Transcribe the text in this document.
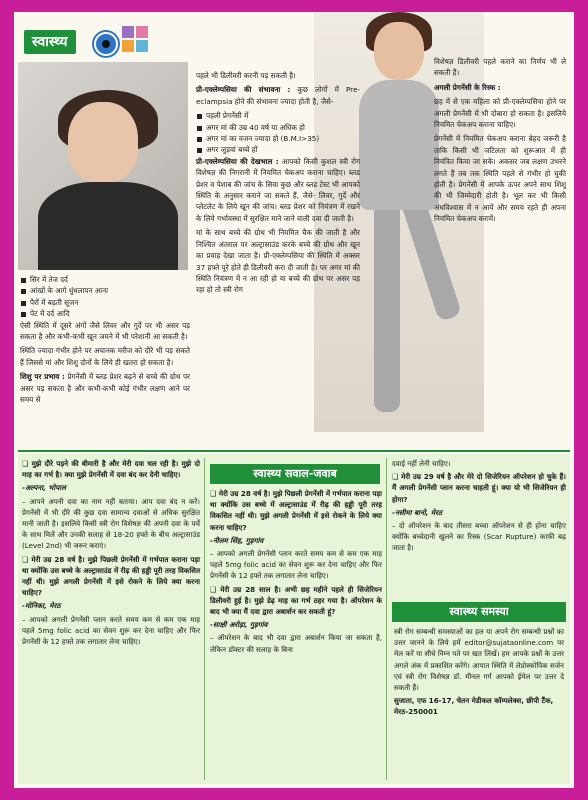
स्वास्थ्य
सिर में तेज दर्द
आंखों के आगे धुंधलापन आना
पैरों में बढ़ती सूजन
पेट में दर्द आदि

ऐसी स्थिति में दूसरे अंगों जैसे लिवर और गुर्दे पर भी असर पड़ सकता है और कभी-कभी खून जमने में भी परेशानी आ सकती है।

स्थिति ज्यादा गंभीर होने पर अचानक मरीज को दौरे भी पड़ सकते हैं जिससे मां और शिशु दोनों के लिये ही खतरा हो सकता है।

शिशु पर प्रभाव : प्रेगनेंसी में ब्लड प्रेशर बढ़ने से बच्चे की ग्रोथ पर असर पड़ सकता है और कभी-कभी कोई गंभीर लक्षण आने पर समय से

पहले भी डिलीवरी करनी पड़ सकती है।

प्री-एक्लेम्पसिया की संभावना : कुछ लोगों में Pre-eclampsia होने की संभावना ज्यादा होती है, जैसे-

पहली प्रेगनेंसी में
अगर मां की उम्र 40 वर्ष या अधिक हो
अगर मां का वजन ज्यादा हो (B.M.I>35)
अगर जुड़वां बच्चे हों

प्री-एक्लेम्पसिया की देखभाल : आपको किसी कुशल स्त्री रोग विशेषज्ञ की निगरानी में नियमित चेकअप कराना चाहिए। ब्लड प्रेशर व पेशाब की जांच के सिवा कुछ और ब्लड टेस्ट भी आपको स्थिति के अनुसार कराने जा सकते हैं, जैसे- लिवर, गुर्दे और प्लेटलेट के लिये खून की जांच। ब्लड प्रेशर को नियंत्रण में रखने के लिये गर्भावस्था में सुरक्षित माने जाने वाली दवा दी जाती है।

मां के साथ बच्चे की ग्रोथ भी नियमित चैक की जाती है और निश्चित अंतराल पर अल्ट्रासाउंड करके बच्चे की ग्रोथ और खून का प्रवाह देखा जाता है। प्री-एक्लेम्पसिया की स्थिति में अक्सर 37 हफ्ते पूरे होते ही डिलीवरी करा दी जाती है। पर अगर मां की स्थिति नियंत्रण में न आ रही हो या बच्चे की ग्रोथ पर असर पड़ रहा हो तो स्त्री रोग

विशेषज्ञ डिलीवरी पहले कराने का निर्णय भी ले सकती हैं।

अगली प्रेगनेंसी के रिस्क :

छह में से एक महिला को प्री-एक्लेम्पसिया होने पर अगली प्रेगनेंसी में भी दोबारा हो सकता है। इसलिये नियमित चेकअप कराना चाहिए।

प्रेगनेंसी में नियमित चेकअप कराना बेहद जरूरी है ताकि किसी भी जटिलता को शुरूआत में ही नियंत्रित किया जा सके। अकसर जब लक्षण उभरने लगते हैं तब तक स्थिति पहले से गंभीर हो चुकी होती है। प्रेगनेंसी में आपके ऊपर अपने साथ शिशु की भी जिम्मेदारी होती है। भूल कर भी किसी अंधविश्वास में न आयें और समय रहते ही अपना नियमित चेकअप करायें।

❑ मुझे दौरे पड़ने की बीमारी है और मेरी दवा चल रही है। मुझे दो माह का गर्भ है। क्या मुझे प्रेगनेंसी में दवा बंद कर देनी चाहिए।

-अल्पना, भोपाल

– आपने अपनी दवा का नाम नहीं बताया। आप दवा बंद न करें। प्रेगनेंसी में भी दौरे की कुछ दवा सामान्य दवाओं से अधिक सुरक्षित मानी जाती है। इसलिये किसी स्त्री रोग विशेषज्ञ की अपनी दवा के पर्चे के साथ मिलें और उनकी सलाह से 18-20 हफ्ते के बीच अल्ट्रासाउंड (Level 2nd) भी जरूर कराएं।

❑ मेरी उम्र 28 वर्ष है। मुझे पिछली प्रेगनेंसी में गर्भपात कराना पड़ा था क्योंकि उस बच्चे के अल्ट्रासाउंड में रीढ़ की हड्डी पूरी तरह विकसित नहीं थी। मुझे अगली प्रेगनेंसी में इसे रोकने के लिये क्या करना चाहिए?

-मोनिका, मेरठ

– आपको अगली प्रेगनेंसी प्लान करते समय कम से कम एक माह पहले 5mg folic acid का सेवन शुरू कर देना चाहिए और फिर प्रेगनेंसी के 12 हफ्ते तक लगातार लेना चाहिए।

स्वास्थ्य सवाल-जवाब

❑ मेरी उम्र 28 वर्ष है। मुझे पिछली प्रेगनेंसी में गर्भपात कराना पड़ा था क्योंकि उस बच्चे में अल्ट्रासाउंड में रीढ़ की हड्डी पूरी तरह विकसित नहीं थी। मुझे अगली प्रेगनेंसी में इसे रोकने के लिये क्या करना चाहिए?

-नीलम सिंह, गुड़गांव

– आपको अगली प्रेगनेंसी प्लान करते समय कम से कम एक माह पहले 5mg folic acid का सेवन शुरू कर देना चाहिए और फिर प्रेगनेंसी के 12 हफ्ते तक लगातार लेना चाहिए।

❑ मेरी उम्र 28 साल है। अभी छह महीने पहले ही सिजेरियन डिलीवरी हुई है। मुझे डेढ़ माह का गर्भ ठहर गया है। ऑपरेशन के बाद भी क्या मैं दवा द्वारा अबार्शन कर सकती हूं?

-साक्षी अरोड़ा, गुड़गांव

– ऑपरेशन के बाद भी दवा द्वारा अबार्शन किया जा सकता है, लेकिन डॉक्टर की सलाह के बिना

दवाई नहीं लेनी चाहिए।

❑ मेरी उम्र 29 वर्ष है और मेरे दो सिजेरियन ऑपरेशन हो चुके हैं। मैं अगली प्रेगनेंसी प्लान करना चाहती हूं। क्या यो भी सिजेरियन ही होगा?

-नसीमा बानो, मेरठ

– दो ऑपरेशन के बाद तीसरा बच्चा ऑपरेशन से ही होना चाहिए क्योंकि बच्चेदानी खुलने का रिस्क (Scar Rupture) काफी बढ़ जाता है।

स्वास्थ्य समस्या

स्त्री रोग सम्बन्धी समस्याओं का हल या अपने रोग सम्बन्धी प्रश्नों का उत्तर जानने के लिये हमें editor@sujataonline.com पर मेल करें या सीधे निम्न पते पर खत लिखें। हम आपके प्रश्नों के उत्तर अगले अंक में प्रकाशित करेंगे। आपात स्थिति में लेप्रोस्कोपिक सर्जन एवं स्त्री रोग विशेषज्ञ डॉ. मीनल गर्ग आपको ईमेल पर उत्तर दे सकती हैं।

सुजाता, एफ 16-17, चेतन मेडीकल कॉम्पलेक्स, छीपी टैंक, मेरठ-250001
